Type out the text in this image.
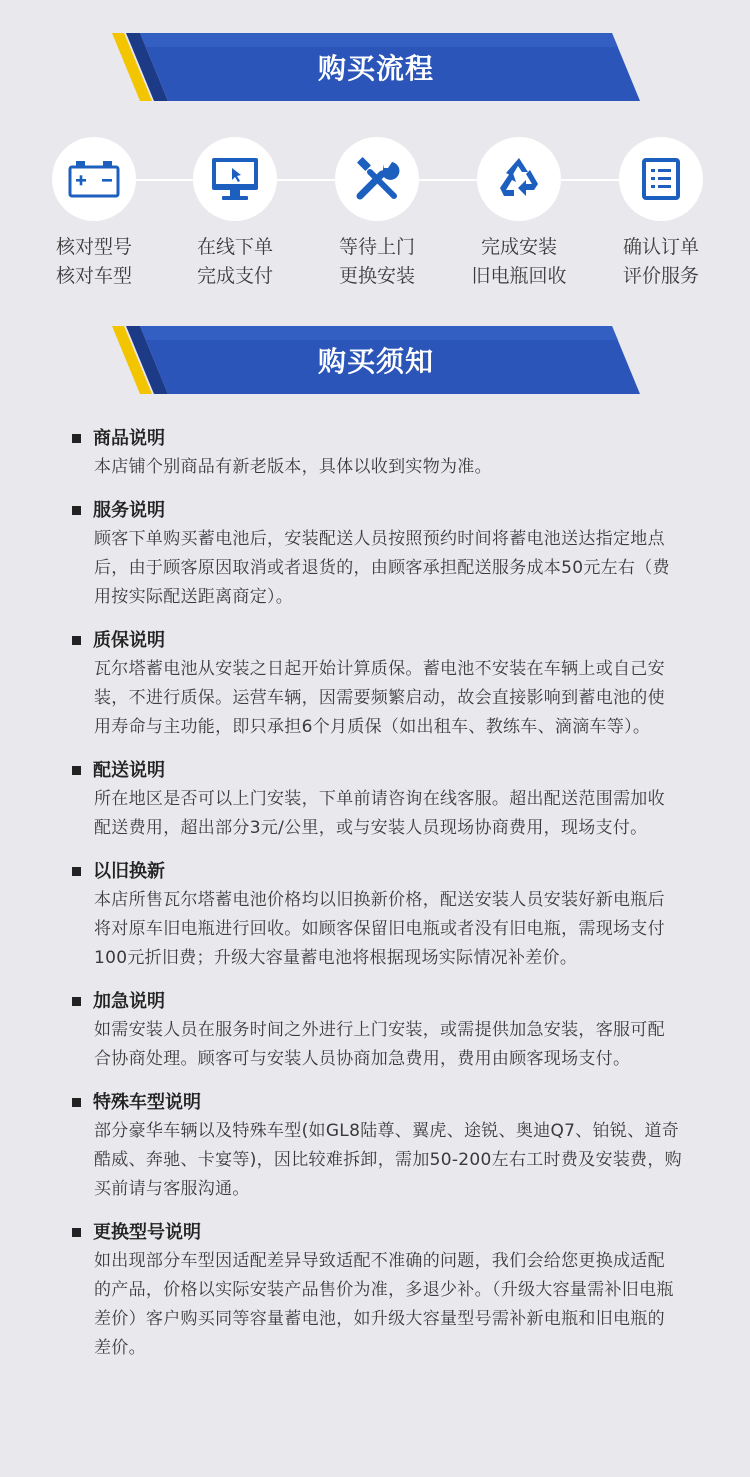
购买流程
核对型号
核对车型
在线下单
完成支付
等待上门
更换安装
完成安装
旧电瓶回收
确认订单
评价服务
购买须知
商品说明
本店铺个别商品有新老版本，具体以收到实物为准。
服务说明
顾客下单购买蓄电池后，安装配送人员按照预约时间将蓄电池送达指定地点后，由于顾客原因取消或者退货的，由顾客承担配送服务成本50元左右（费用按实际配送距离商定）。
质保说明
瓦尔塔蓄电池从安装之日起开始计算质保。蓄电池不安装在车辆上或自己安装，不进行质保。运营车辆，因需要频繁启动，故会直接影响到蓄电池的使用寿命与主功能，即只承担6个月质保（如出租车、教练车、滴滴车等）。
配送说明
所在地区是否可以上门安装，下单前请咨询在线客服。超出配送范围需加收配送费用，超出部分3元/公里，或与安装人员现场协商费用，现场支付。
以旧换新
本店所售瓦尔塔蓄电池价格均以旧换新价格，配送安装人员安装好新电瓶后将对原车旧电瓶进行回收。如顾客保留旧电瓶或者没有旧电瓶，需现场支付100元折旧费；升级大容量蓄电池将根据现场实际情况补差价。
加急说明
如需安装人员在服务时间之外进行上门安装，或需提供加急安装，客服可配合协商处理。顾客可与安装人员协商加急费用，费用由顾客现场支付。
特殊车型说明
部分豪华车辆以及特殊车型(如GL8陆尊、翼虎、途锐、奥迪Q7、铂锐、道奇酷威、奔驰、卡宴等)，因比较难拆卸，需加50-200左右工时费及安装费，购买前请与客服沟通。
更换型号说明
如出现部分车型因适配差异导致适配不准确的问题，我们会给您更换成适配的产品，价格以实际安装产品售价为准，多退少补。（升级大容量需补旧电瓶差价）客户购买同等容量蓄电池，如升级大容量型号需补新电瓶和旧电瓶的差价。
